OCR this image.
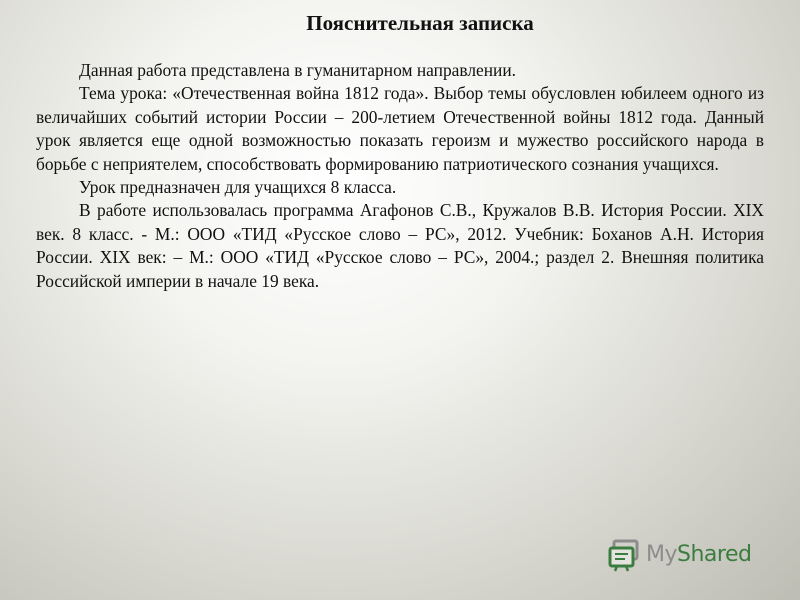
Пояснительная записка

Данная работа представлена в гуманитарном направлении.

Тема урока: «Отечественная война 1812 года». Выбор темы обусловлен юбилеем одного из величайших событий истории России – 200-летием Отечественной войны 1812 года. Данный урок является еще одной возможностью показать героизм и мужество российского народа в борьбе с неприятелем, способствовать формированию патриотического сознания учащихся.

Урок предназначен для учащихся 8 класса.

В работе использовалась программа Агафонов С.В., Кружалов В.В. История России. XIX век. 8 класс. - М.: ООО «ТИД «Русское слово – РС», 2012. Учебник: Боханов А.Н. История России. XIX век: – М.: ООО «ТИД «Русское слово – РС», 2004.; раздел 2. Внешняя политика Российской империи в начале 19 века.

MyShared
